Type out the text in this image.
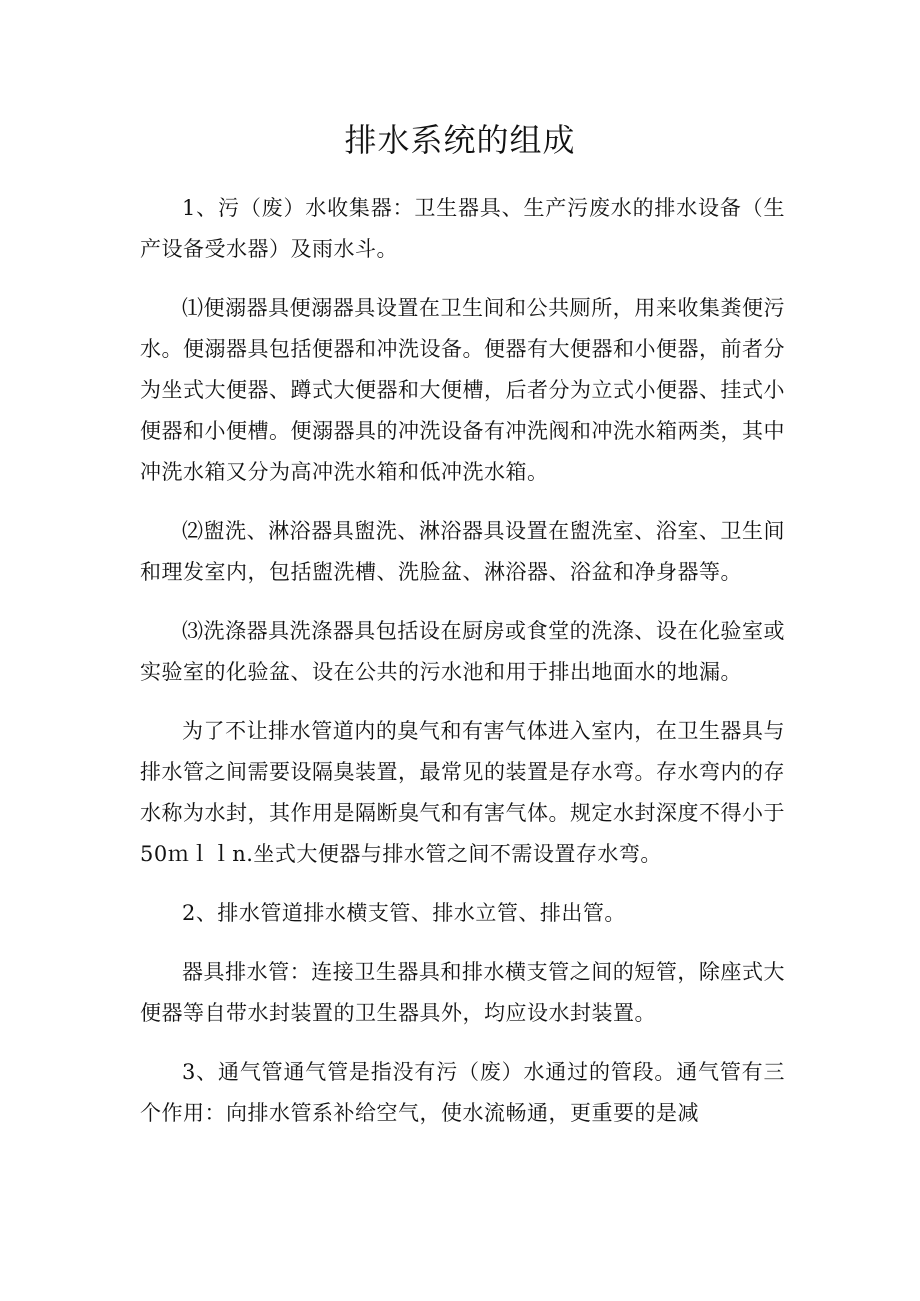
排水系统的组成

1、污（废）水收集器：卫生器具、生产污废水的排水设备（生产设备受水器）及雨水斗。

⑴便溺器具便溺器具设置在卫生间和公共厕所，用来收集粪便污水。便溺器具包括便器和冲洗设备。便器有大便器和小便器，前者分为坐式大便器、蹲式大便器和大便槽，后者分为立式小便器、挂式小便器和小便槽。便溺器具的冲洗设备有冲洗阀和冲洗水箱两类，其中冲洗水箱又分为高冲洗水箱和低冲洗水箱。

⑵盥洗、淋浴器具盥洗、淋浴器具设置在盥洗室、浴室、卫生间和理发室内，包括盥洗槽、洗脸盆、淋浴器、浴盆和净身器等。

⑶洗涤器具洗涤器具包括设在厨房或食堂的洗涤、设在化验室或实验室的化验盆、设在公共的污水池和用于排出地面水的地漏。

为了不让排水管道内的臭气和有害气体进入室内，在卫生器具与排水管之间需要设隔臭装置，最常见的装置是存水弯。存水弯内的存水称为水封，其作用是隔断臭气和有害气体。规定水封深度不得小于50ｍｌｌn.坐式大便器与排水管之间不需设置存水弯。

2、排水管道排水横支管、排水立管、排出管。

器具排水管：连接卫生器具和排水横支管之间的短管，除座式大便器等自带水封装置的卫生器具外，均应设水封装置。

3、通气管通气管是指没有污（废）水通过的管段。通气管有三个作用：向排水管系补给空气，使水流畅通，更重要的是减
